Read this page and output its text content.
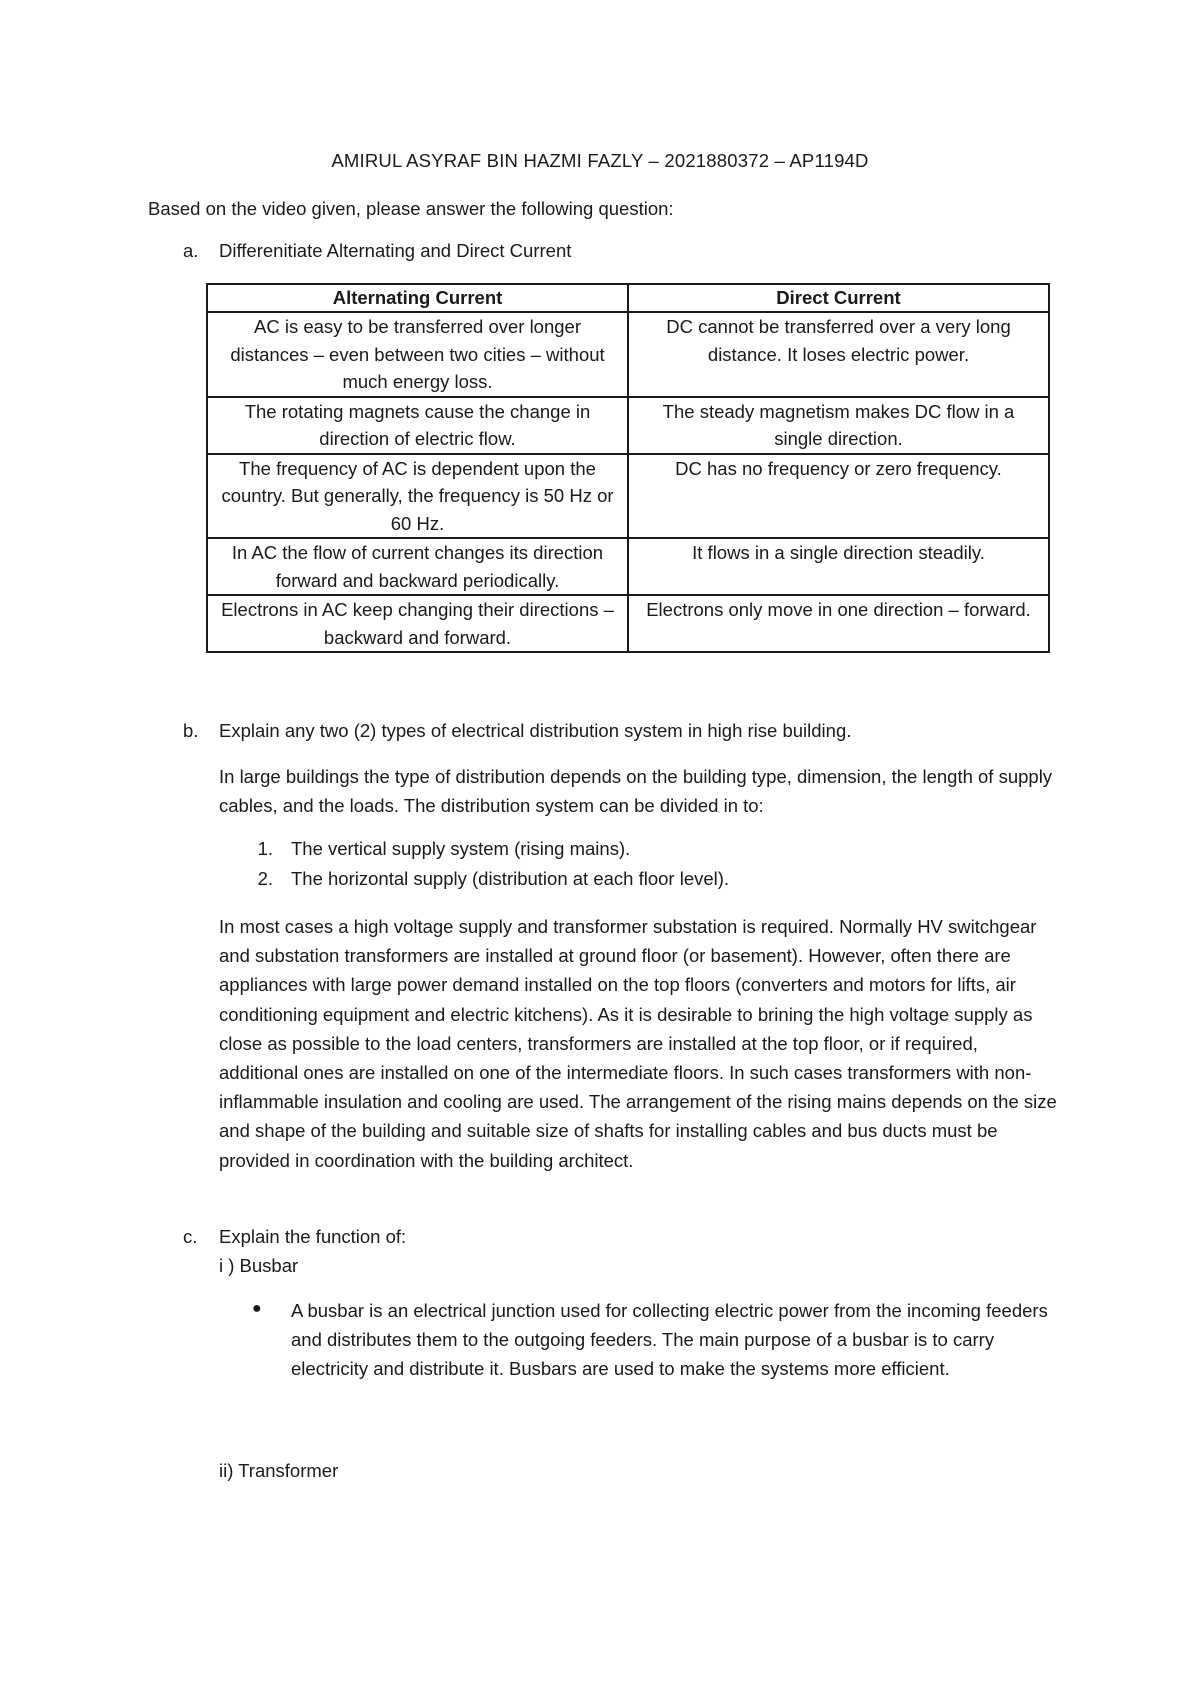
AMIRUL ASYRAF BIN HAZMI FAZLY – 2021880372 – AP1194D
Based on the video given, please answer the following question:
a. Differenitiate Alternating and Direct Current
Alternating Current	Direct Current
AC is easy to be transferred over longer distances – even between two cities – without much energy loss.	DC cannot be transferred over a very long distance. It loses electric power.
The rotating magnets cause the change in direction of electric flow.	The steady magnetism makes DC flow in a single direction.
The frequency of AC is dependent upon the country. But generally, the frequency is 50 Hz or 60 Hz.	DC has no frequency or zero frequency.
In AC the flow of current changes its direction forward and backward periodically.	It flows in a single direction steadily.
Electrons in AC keep changing their directions – backward and forward.	Electrons only move in one direction – forward.
b. Explain any two (2) types of electrical distribution system in high rise building.
In large buildings the type of distribution depends on the building type, dimension, the length of supply cables, and the loads. The distribution system can be divided in to:
1. The vertical supply system (rising mains).
2. The horizontal supply (distribution at each floor level).
In most cases a high voltage supply and transformer substation is required. Normally HV switchgear and substation transformers are installed at ground floor (or basement). However, often there are appliances with large power demand installed on the top floors (converters and motors for lifts, air conditioning equipment and electric kitchens). As it is desirable to brining the high voltage supply as close as possible to the load centers, transformers are installed at the top floor, or if required, additional ones are installed on one of the intermediate floors. In such cases transformers with non-inflammable insulation and cooling are used. The arrangement of the rising mains depends on the size and shape of the building and suitable size of shafts for installing cables and bus ducts must be provided in coordination with the building architect.
c. Explain the function of:
i ) Busbar
● A busbar is an electrical junction used for collecting electric power from the incoming feeders and distributes them to the outgoing feeders. The main purpose of a busbar is to carry electricity and distribute it. Busbars are used to make the systems more efficient.
ii) Transformer
